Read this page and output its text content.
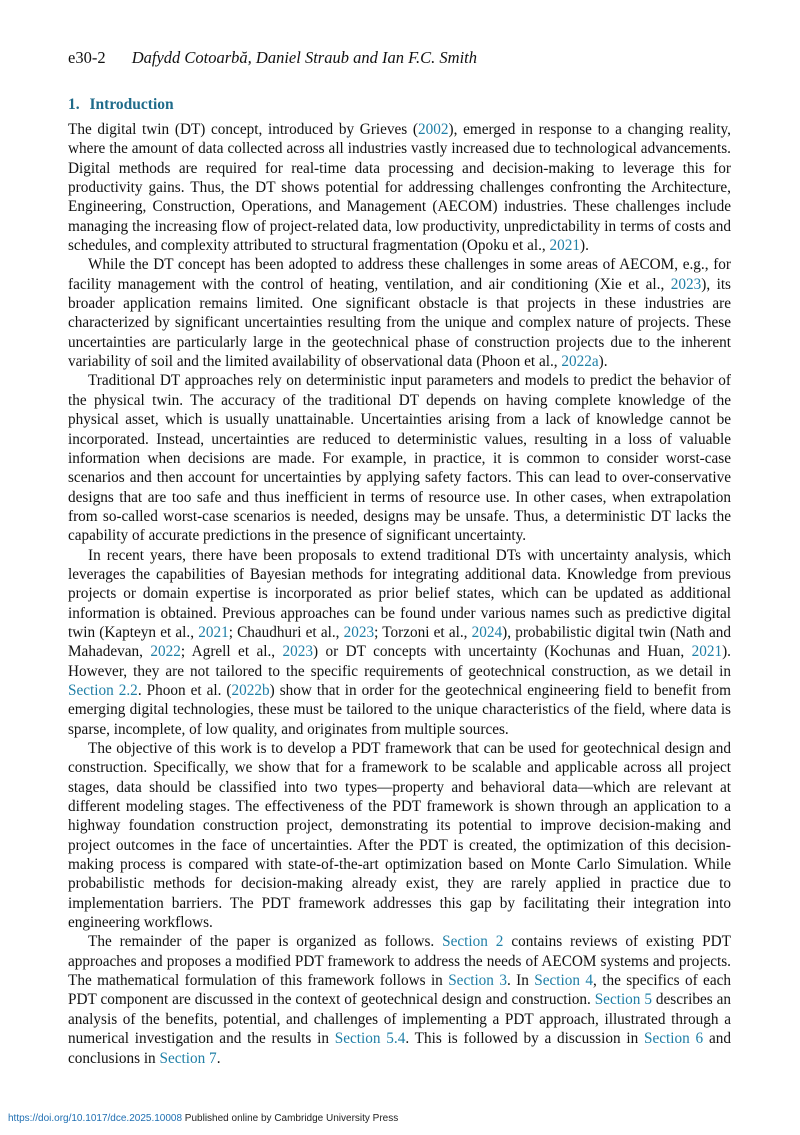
e30-2 Dafydd Cotoarbă, Daniel Straub and Ian F.C. Smith
1. Introduction

The digital twin (DT) concept, introduced by Grieves (2002), emerged in response to a changing reality, where the amount of data collected across all industries vastly increased due to technological advancements. Digital methods are required for real-time data processing and decision-making to leverage this for productivity gains. Thus, the DT shows potential for addressing challenges confronting the Architecture, Engineering, Construction, Operations, and Management (AECOM) industries. These challenges include managing the increasing flow of project-related data, low productivity, unpredictability in terms of costs and schedules, and complexity attributed to structural fragmentation (Opoku et al., 2021).

While the DT concept has been adopted to address these challenges in some areas of AECOM, e.g., for facility management with the control of heating, ventilation, and air conditioning (Xie et al., 2023), its broader application remains limited. One significant obstacle is that projects in these industries are characterized by significant uncertainties resulting from the unique and complex nature of projects. These uncertainties are particularly large in the geotechnical phase of construction projects due to the inherent variability of soil and the limited availability of observational data (Phoon et al., 2022a).

Traditional DT approaches rely on deterministic input parameters and models to predict the behavior of the physical twin. The accuracy of the traditional DT depends on having complete knowledge of the physical asset, which is usually unattainable. Uncertainties arising from a lack of knowledge cannot be incorporated. Instead, uncertainties are reduced to deterministic values, resulting in a loss of valuable information when decisions are made. For example, in practice, it is common to consider worst-case scenarios and then account for uncertainties by applying safety factors. This can lead to over-conservative designs that are too safe and thus inefficient in terms of resource use. In other cases, when extrapolation from so-called worst-case scenarios is needed, designs may be unsafe. Thus, a deterministic DT lacks the capability of accurate predictions in the presence of significant uncertainty.

In recent years, there have been proposals to extend traditional DTs with uncertainty analysis, which leverages the capabilities of Bayesian methods for integrating additional data. Knowledge from previous projects or domain expertise is incorporated as prior belief states, which can be updated as additional information is obtained. Previous approaches can be found under various names such as predictive digital twin (Kapteyn et al., 2021; Chaudhuri et al., 2023; Torzoni et al., 2024), probabilistic digital twin (Nath and Mahadevan, 2022; Agrell et al., 2023) or DT concepts with uncertainty (Kochunas and Huan, 2021). However, they are not tailored to the specific requirements of geotechnical construction, as we detail in Section 2.2. Phoon et al. (2022b) show that in order for the geotechnical engineering field to benefit from emerging digital technologies, these must be tailored to the unique characteristics of the field, where data is sparse, incomplete, of low quality, and originates from multiple sources.

The objective of this work is to develop a PDT framework that can be used for geotechnical design and construction. Specifically, we show that for a framework to be scalable and applicable across all project stages, data should be classified into two types—property and behavioral data—which are relevant at different modeling stages. The effectiveness of the PDT framework is shown through an application to a highway foundation construction project, demonstrating its potential to improve decision-making and project outcomes in the face of uncertainties. After the PDT is created, the optimization of this decision-making process is compared with state-of-the-art optimization based on Monte Carlo Simulation. While probabilistic methods for decision-making already exist, they are rarely applied in practice due to implementation barriers. The PDT framework addresses this gap by facilitating their integration into engineering workflows.

The remainder of the paper is organized as follows. Section 2 contains reviews of existing PDT approaches and proposes a modified PDT framework to address the needs of AECOM systems and projects. The mathematical formulation of this framework follows in Section 3. In Section 4, the specifics of each PDT component are discussed in the context of geotechnical design and construction. Section 5 describes an analysis of the benefits, potential, and challenges of implementing a PDT approach, illustrated through a numerical investigation and the results in Section 5.4. This is followed by a discussion in Section 6 and conclusions in Section 7.

https://doi.org/10.1017/dce.2025.10008 Published online by Cambridge University Press
